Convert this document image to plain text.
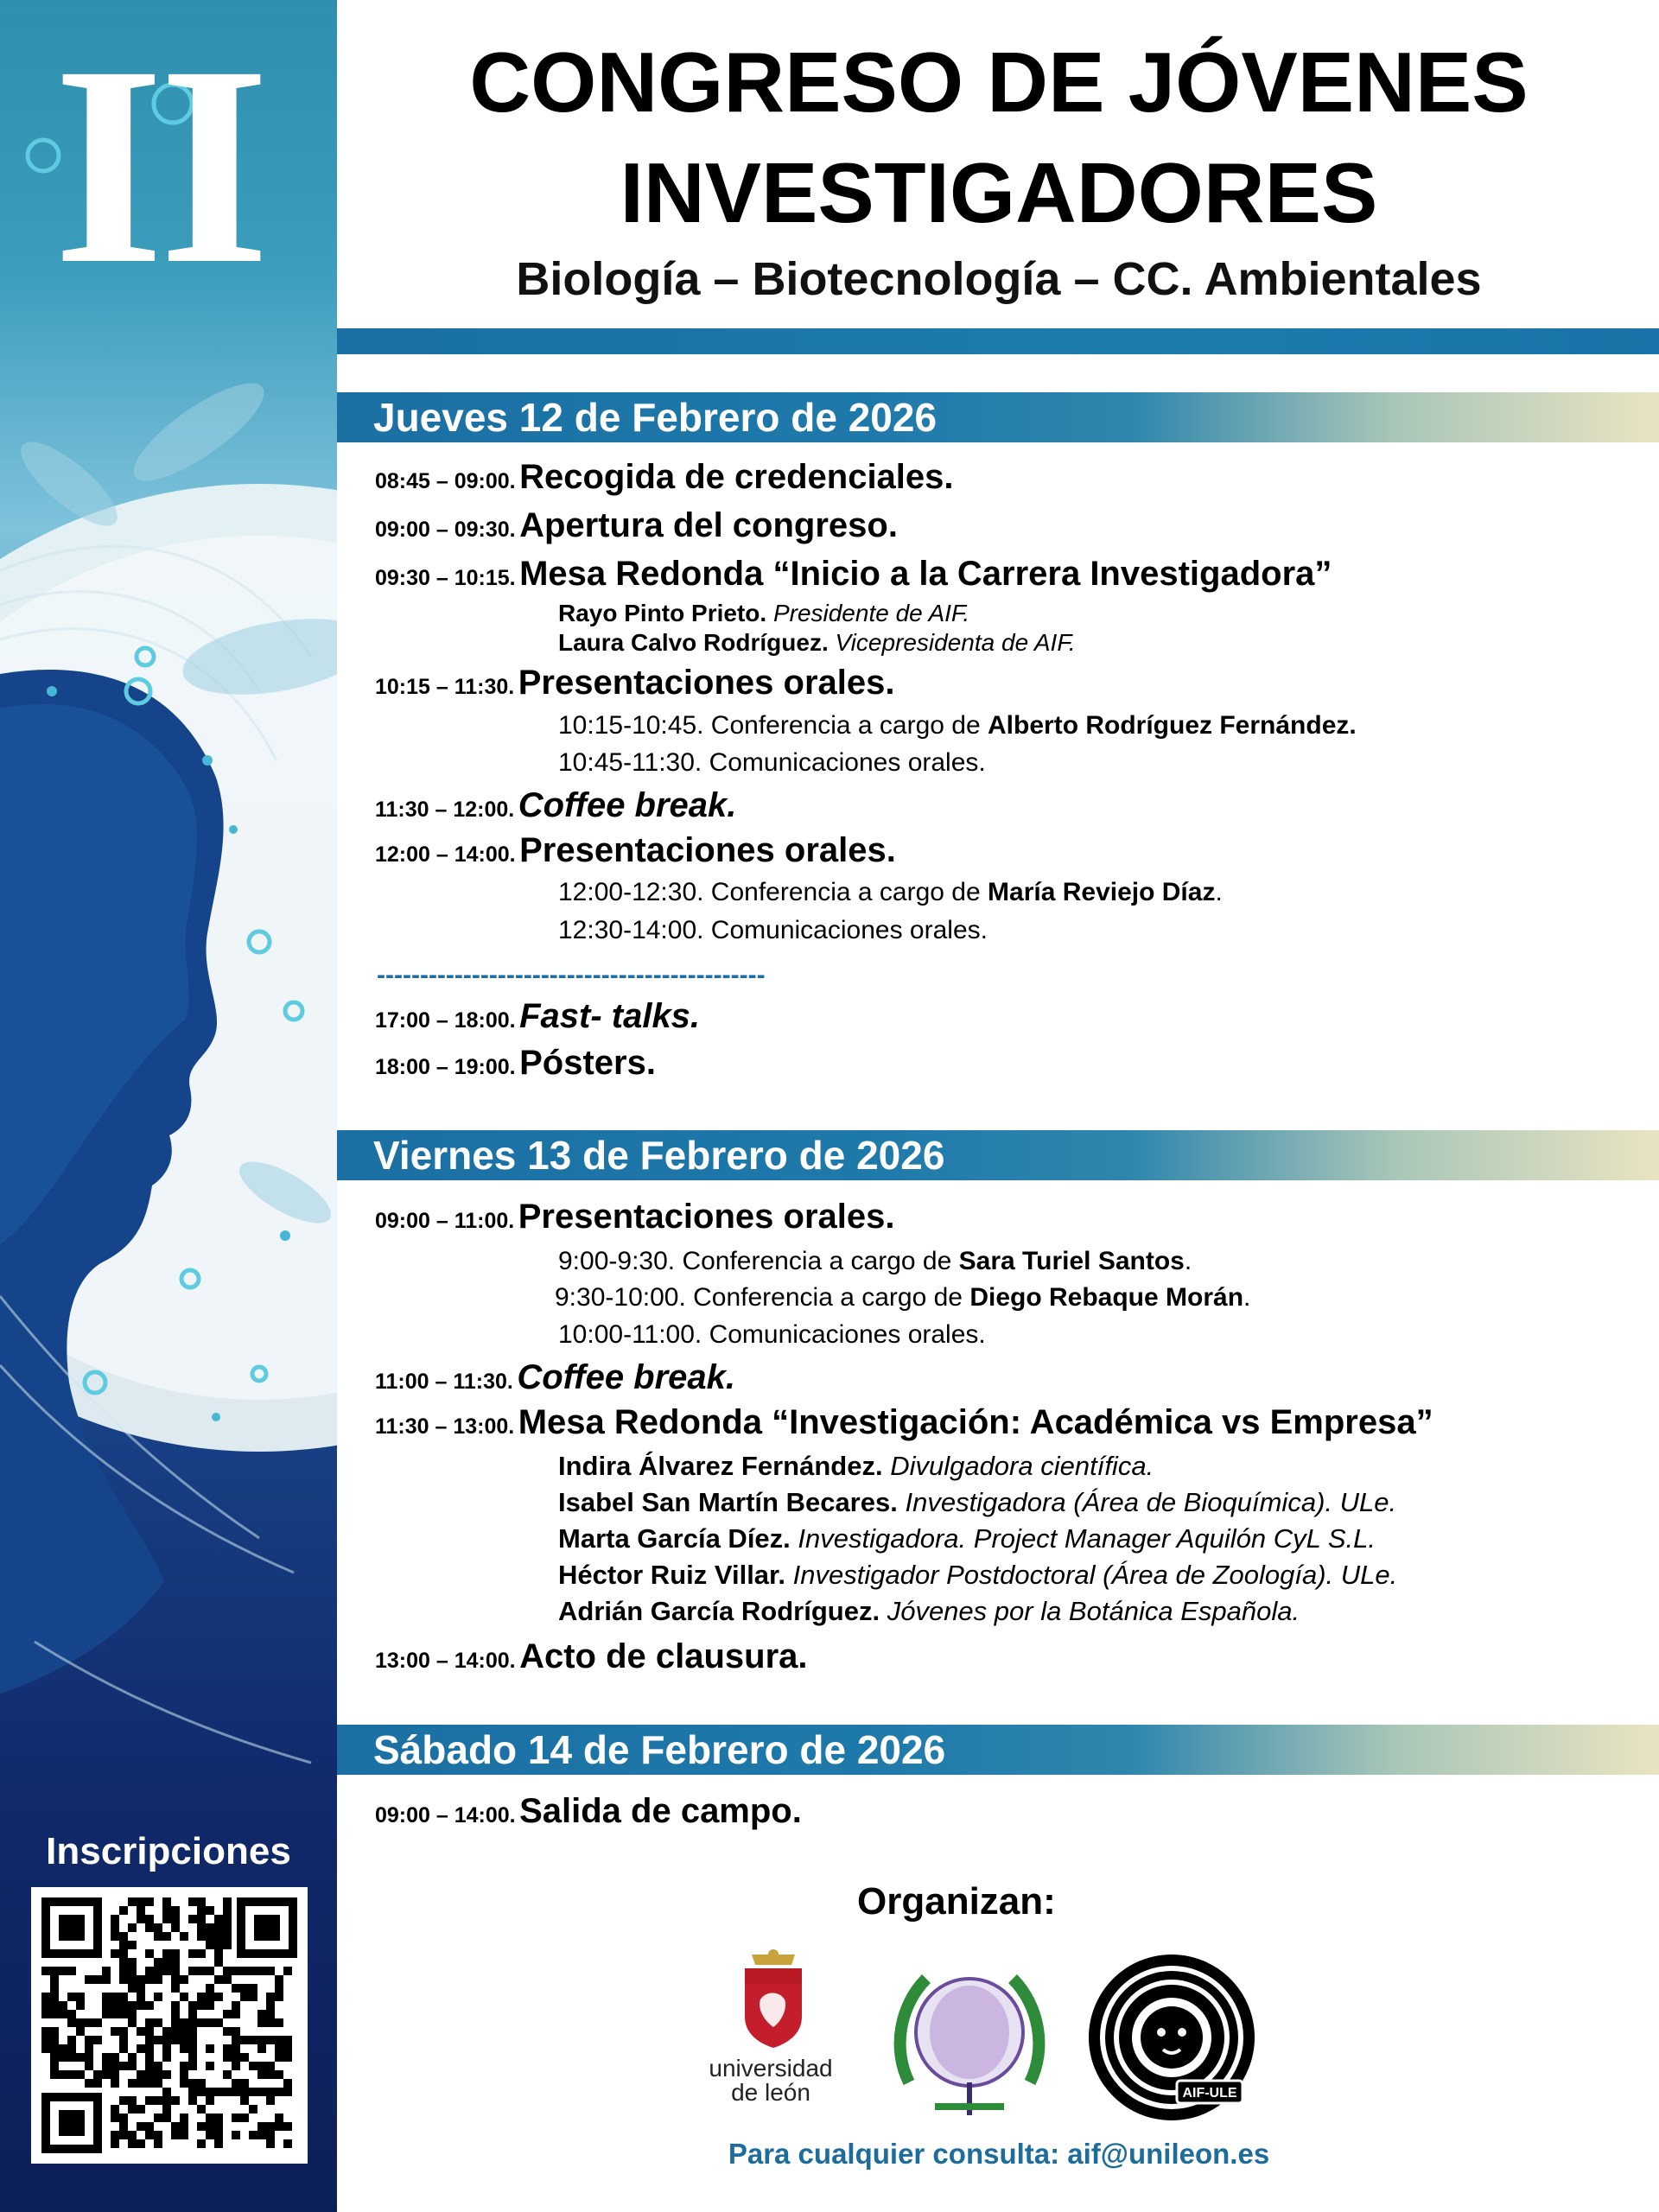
II
Inscripciones
CONGRESO DE JÓVENES
INVESTIGADORES
Biología – Biotecnología – CC. Ambientales
Jueves 12 de Febrero de 2026
08:45 – 09:00. Recogida de credenciales.
09:00 – 09:30. Apertura del congreso.
09:30 – 10:15. Mesa Redonda “Inicio a la Carrera Investigadora”
Rayo Pinto Prieto. Presidente de AIF.
Laura Calvo Rodríguez. Vicepresidenta de AIF.
10:15 – 11:30. Presentaciones orales.
10:15-10:45. Conferencia a cargo de Alberto Rodríguez Fernández.
10:45-11:30. Comunicaciones orales.
11:30 – 12:00. Coffee break.
12:00 – 14:00. Presentaciones orales.
12:00-12:30. Conferencia a cargo de María Reviejo Díaz.
12:30-14:00. Comunicaciones orales.
---------------------------------------------
17:00 – 18:00. Fast- talks.
18:00 – 19:00. Pósters.
Viernes 13 de Febrero de 2026
09:00 – 11:00. Presentaciones orales.
9:00-9:30. Conferencia a cargo de Sara Turiel Santos.
9:30-10:00. Conferencia a cargo de Diego Rebaque Morán.
10:00-11:00. Comunicaciones orales.
11:00 – 11:30. Coffee break.
11:30 – 13:00. Mesa Redonda “Investigación: Académica vs Empresa”
Indira Álvarez Fernández. Divulgadora científica.
Isabel San Martín Becares. Investigadora (Área de Bioquímica). ULe.
Marta García Díez. Investigadora. Project Manager Aquilón CyL S.L.
Héctor Ruiz Villar. Investigador Postdoctoral (Área de Zoología). ULe.
Adrián García Rodríguez. Jóvenes por la Botánica Española.
13:00 – 14:00. Acto de clausura.
Sábado 14 de Febrero de 2026
09:00 – 14:00. Salida de campo.
Organizan:
universidad
de león	AIF-ULE
Para cualquier consulta: aif@unileon.es
